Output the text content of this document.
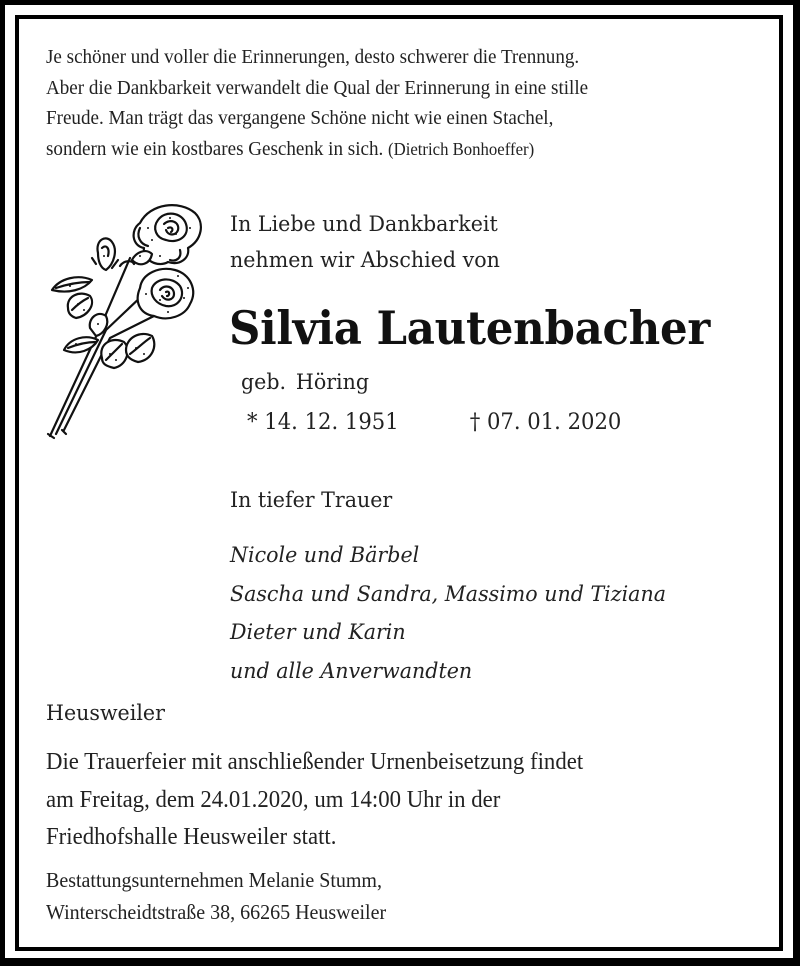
Je schöner und voller die Erinnerungen, desto schwerer die Trennung.
Aber die Dankbarkeit verwandelt die Qual der Erinnerung in eine stille
Freude. Man trägt das vergangene Schöne nicht wie einen Stachel,
sondern wie ein kostbares Geschenk in sich. (Dietrich Bonhoeffer)
In Liebe und Dankbarkeit
nehmen wir Abschied von
Silvia Lautenbacher
geb. Höring
* 14. 12. 1951	† 07. 01. 2020
In tiefer Trauer
Nicole und Bärbel
Sascha und Sandra, Massimo und Tiziana
Dieter und Karin
und alle Anverwandten
Heusweiler
Die Trauerfeier mit anschließender Urnenbeisetzung findet
am Freitag, dem 24.01.2020, um 14:00 Uhr in der
Friedhofshalle Heusweiler statt.
Bestattungsunternehmen Melanie Stumm,
Winterscheidtstraße 38, 66265 Heusweiler
